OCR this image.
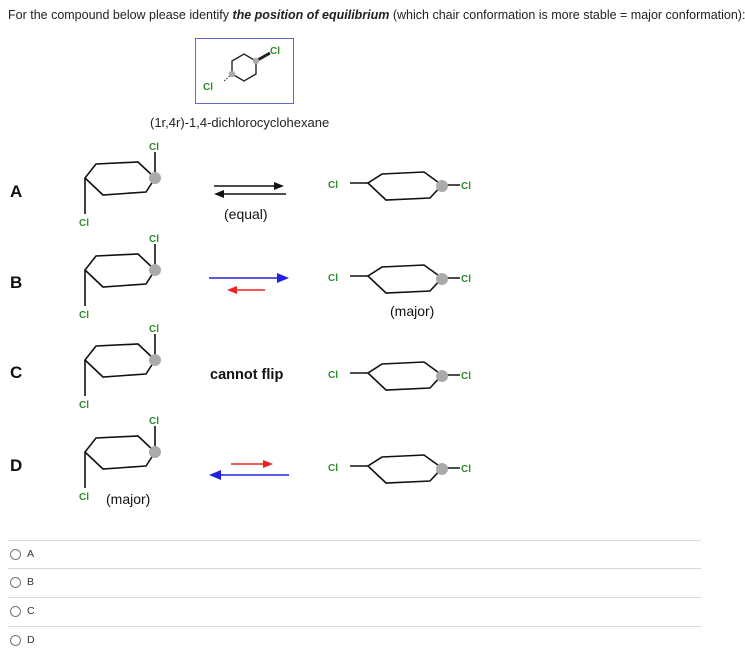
For the compound below please identify the position of equilibrium (which chair conformation is more stable = major conformation):
Cl
Cl
(1r,4r)-1,4-dichlorocyclohexane
A
B
C
D
Cl
Cl
Cl
Cl
Cl
Cl
Cl
Cl (major)
Cl	Cl
Cl	Cl
(major)
Cl	Cl
Cl	Cl
(equal)
cannot flip
A
B
C
D
